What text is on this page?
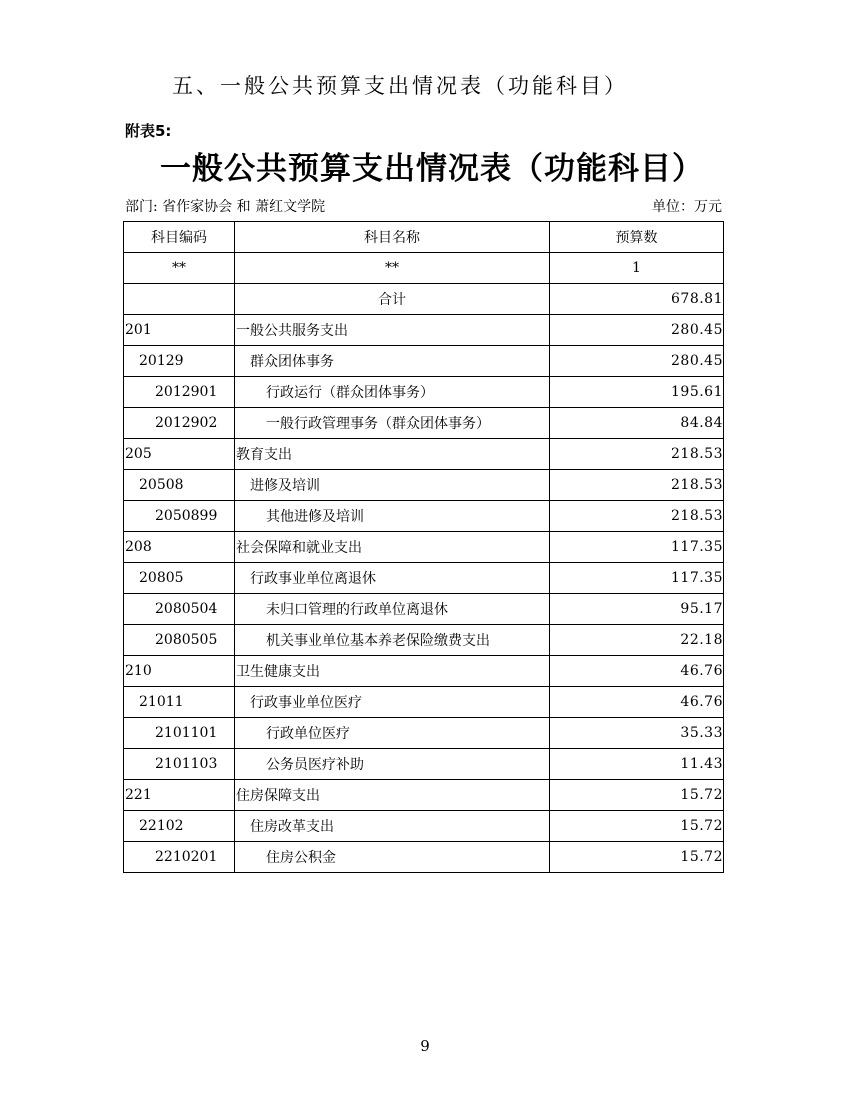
五、一般公共预算支出情况表（功能科目）
附表5:
一般公共预算支出情况表（功能科目）
部门: 省作家协会 和 萧红文学院	单位：万元
科目编码	科目名称	预算数
**	**	1
	合计	678.81
201	一般公共服务支出	280.45
20129	群众团体事务	280.45
2012901	行政运行（群众团体事务）	195.61
2012902	一般行政管理事务（群众团体事务）	84.84
205	教育支出	218.53
20508	进修及培训	218.53
2050899	其他进修及培训	218.53
208	社会保障和就业支出	117.35
20805	行政事业单位离退休	117.35
2080504	未归口管理的行政单位离退休	95.17
2080505	机关事业单位基本养老保险缴费支出	22.18
210	卫生健康支出	46.76
21011	行政事业单位医疗	46.76
2101101	行政单位医疗	35.33
2101103	公务员医疗补助	11.43
221	住房保障支出	15.72
22102	住房改革支出	15.72
2210201	住房公积金	15.72
9
